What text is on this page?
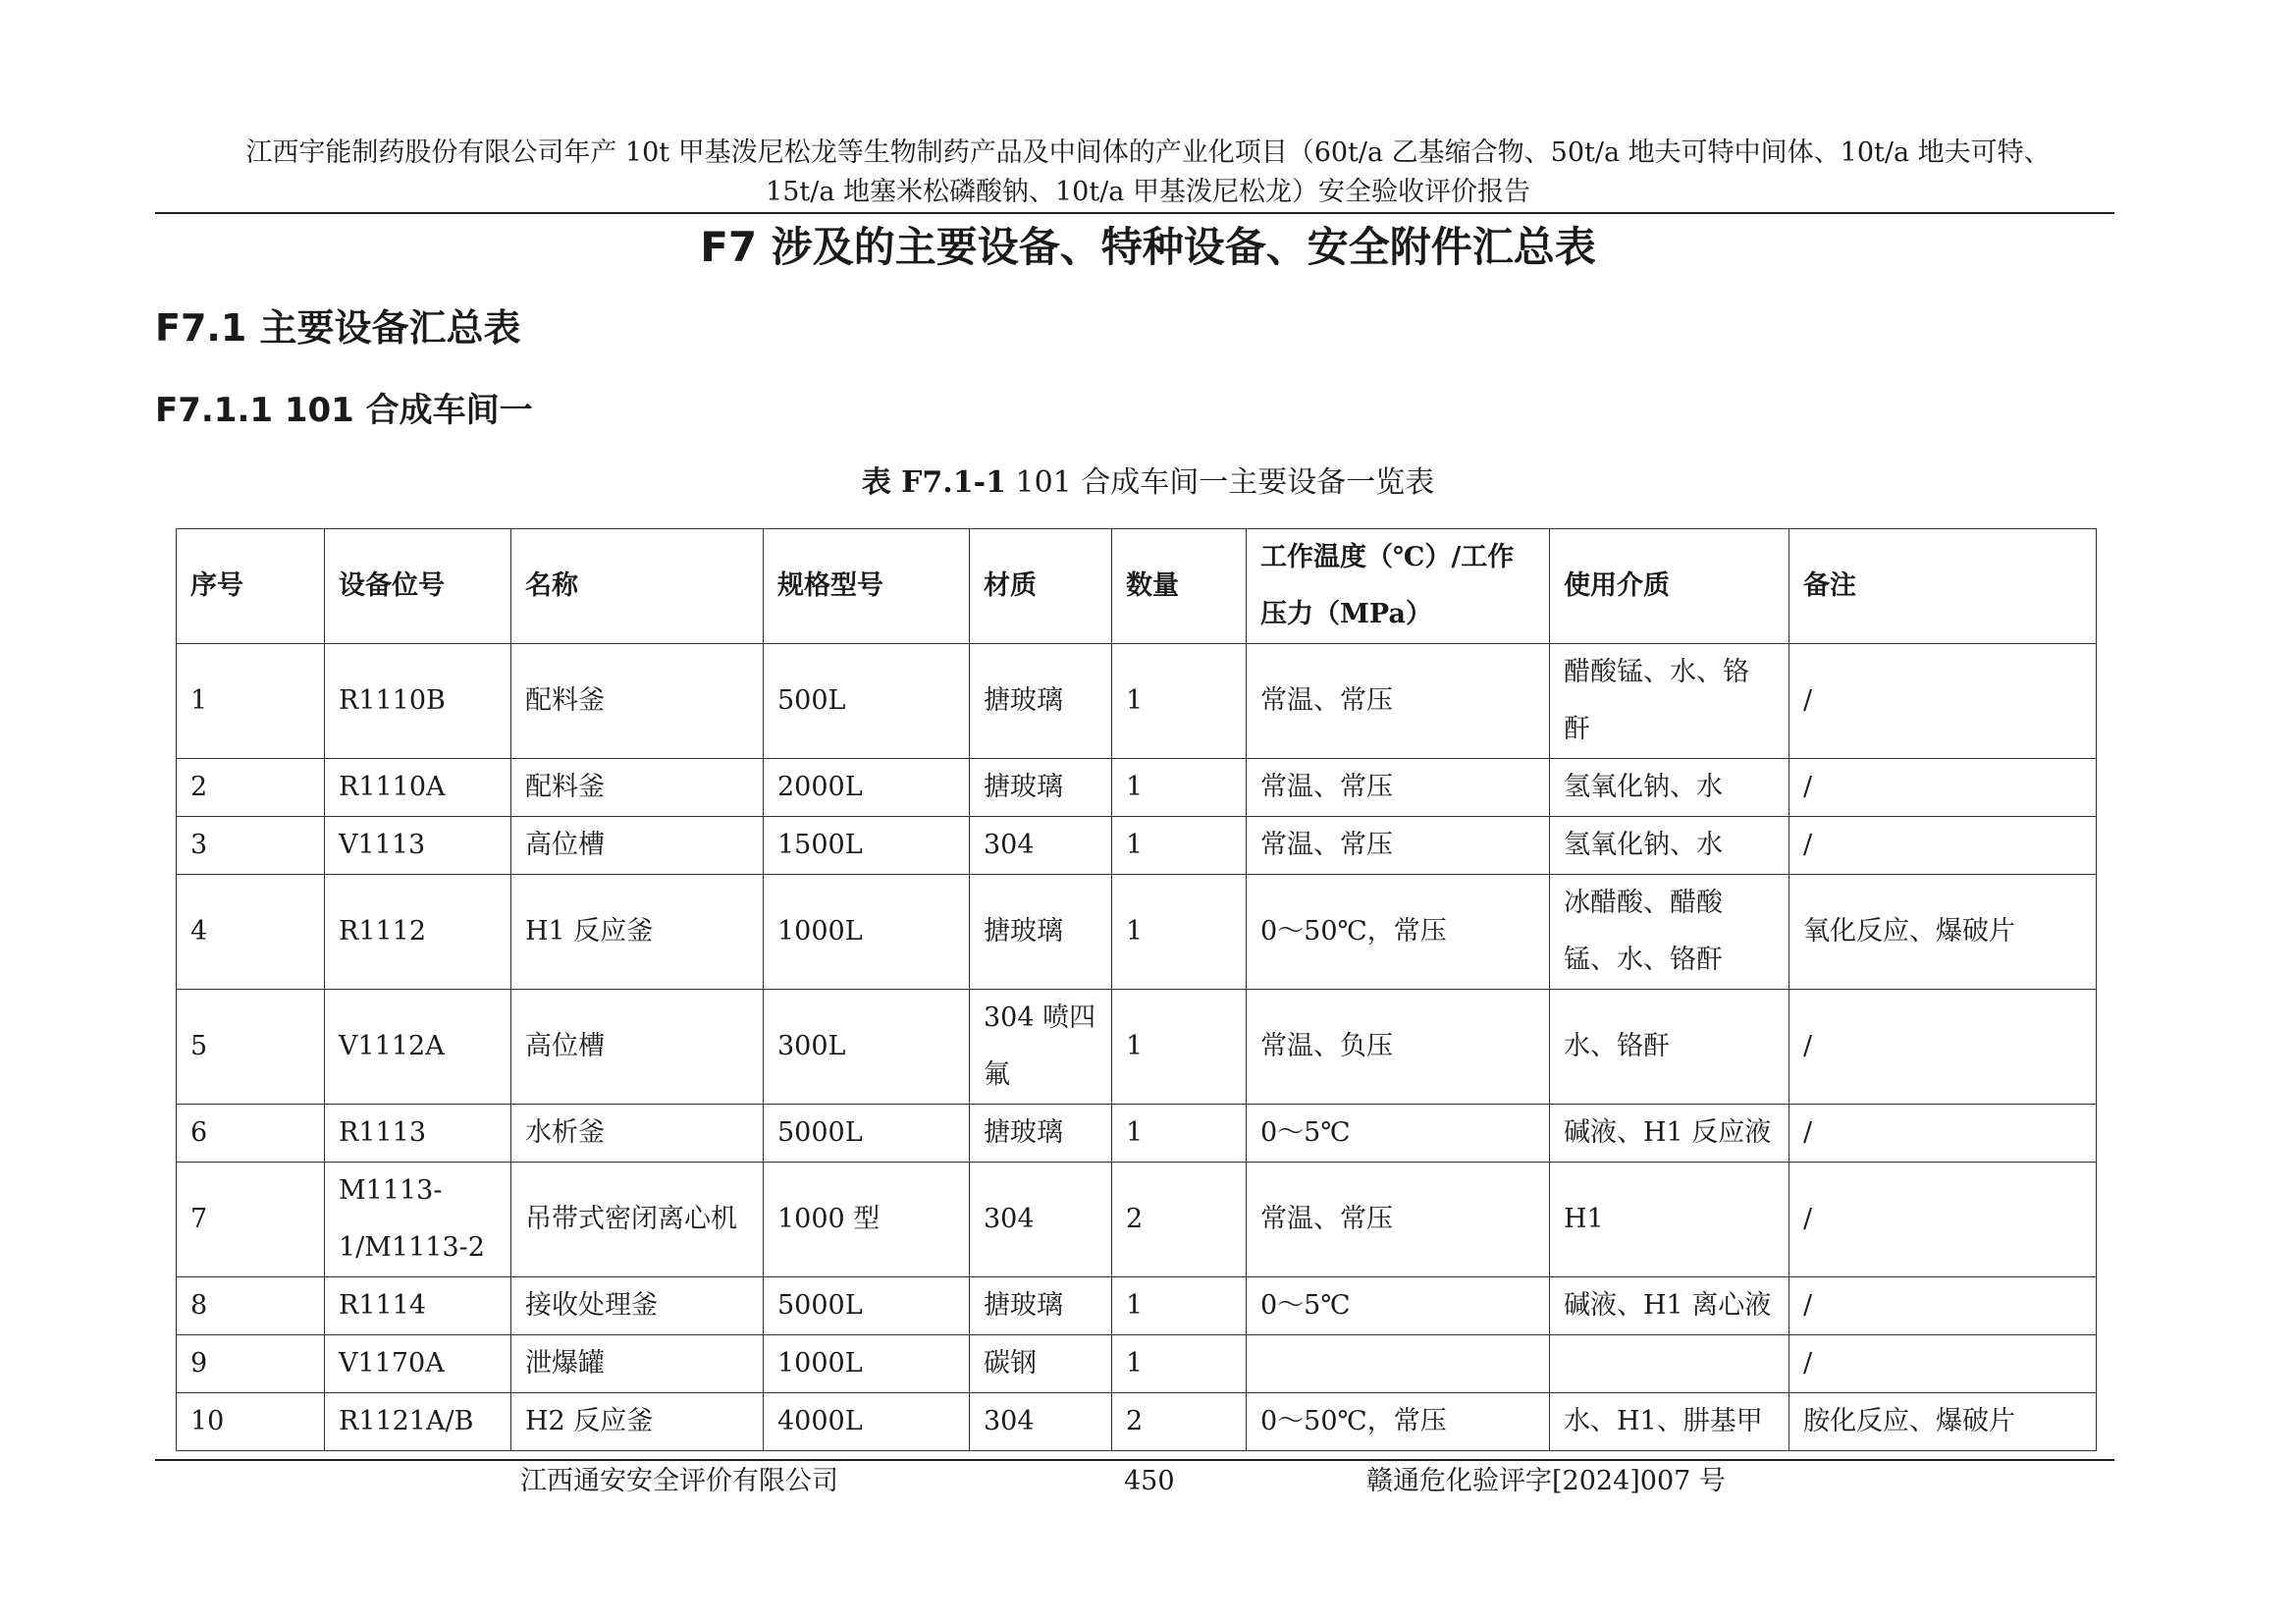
江西宇能制药股份有限公司年产 10t 甲基泼尼松龙等生物制药产品及中间体的产业化项目（60t/a 乙基缩合物、50t/a 地夫可特中间体、10t/a 地夫可特、
15t/a 地塞米松磷酸钠、10t/a 甲基泼尼松龙）安全验收评价报告
F7 涉及的主要设备、特种设备、安全附件汇总表
F7.1 主要设备汇总表
F7.1.1 101 合成车间一
表 F7.1-1 101 合成车间一主要设备一览表
序号	设备位号	名称	规格型号	材质	数量	工作温度（℃）/工作压力（MPa）	使用介质	备注
1	R1110B	配料釜	500L	搪玻璃	1	常温、常压	醋酸锰、水、铬酐	/
2	R1110A	配料釜	2000L	搪玻璃	1	常温、常压	氢氧化钠、水	/
3	V1113	高位槽	1500L	304	1	常温、常压	氢氧化钠、水	/
4	R1112	H1 反应釜	1000L	搪玻璃	1	0～50℃，常压	冰醋酸、醋酸锰、水、铬酐	氧化反应、爆破片
5	V1112A	高位槽	300L	304 喷四氟	1	常温、负压	水、铬酐	/
6	R1113	水析釜	5000L	搪玻璃	1	0～5℃	碱液、H1 反应液	/
7	M1113-1/M1113-2	吊带式密闭离心机	1000 型	304	2	常温、常压	H1	/
8	R1114	接收处理釜	5000L	搪玻璃	1	0～5℃	碱液、H1 离心液	/
9	V1170A	泄爆罐	1000L	碳钢	1			/
10	R1121A/B	H2 反应釜	4000L	304	2	0～50℃，常压	水、H1、肼基甲	胺化反应、爆破片
江西通安安全评价有限公司	450	赣通危化验评字[2024]007 号
